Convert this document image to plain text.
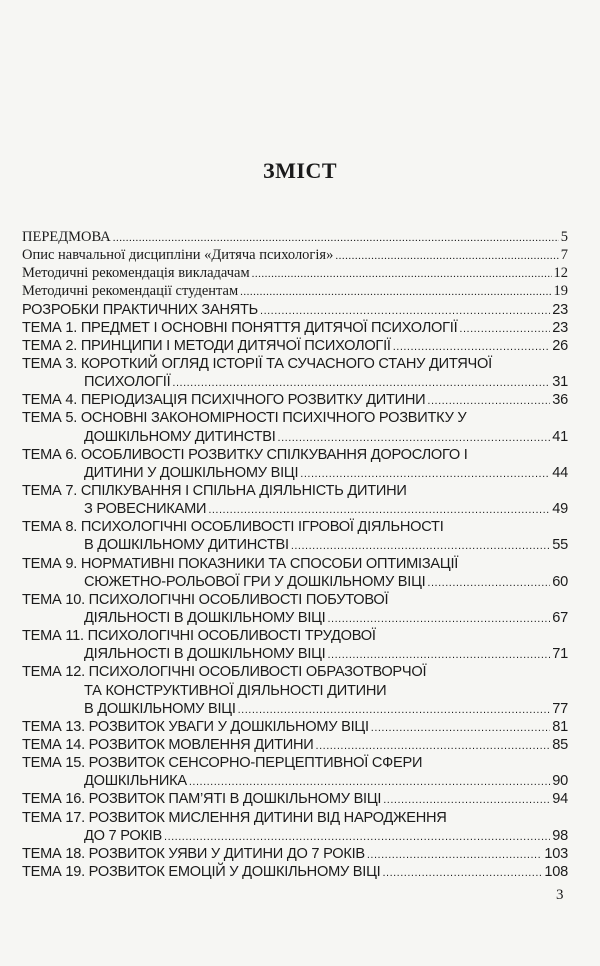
ЗМІСТ
ПЕРЕДМОВА .....	5
Опис навчальної дисципліни «Дитяча психологія» .....	7
Методичні рекомендація викладачам .....	12
Методичні рекомендації студентам .....	19
РОЗРОБКИ ПРАКТИЧНИХ ЗАНЯТЬ .....	23
ТЕМА 1. ПРЕДМЕТ І ОСНОВНІ ПОНЯТТЯ ДИТЯЧОЇ ПСИХОЛОГІЇ .....	23
ТЕМА 2. ПРИНЦИПИ І МЕТОДИ ДИТЯЧОЇ ПСИХОЛОГІЇ .....	26
ТЕМА 3. КОРОТКИЙ ОГЛЯД ІСТОРІЇ ТА СУЧАСНОГО СТАНУ ДИТЯЧОЇ
ПСИХОЛОГІЇ .....	31
ТЕМА 4. ПЕРІОДИЗАЦІЯ ПСИХІЧНОГО РОЗВИТКУ ДИТИНИ .....	36
ТЕМА 5. ОСНОВНІ ЗАКОНОМІРНОСТІ ПСИХІЧНОГО РОЗВИТКУ У
ДОШКІЛЬНОМУ ДИТИНСТВІ .....	41
ТЕМА 6. ОСОБЛИВОСТІ РОЗВИТКУ СПІЛКУВАННЯ ДОРОСЛОГО І
ДИТИНИ У ДОШКІЛЬНОМУ ВІЦІ .....	44
ТЕМА 7. СПІЛКУВАННЯ І СПІЛЬНА ДІЯЛЬНІСТЬ ДИТИНИ
З РОВЕСНИКАМИ .....	49
ТЕМА 8. ПСИХОЛОГІЧНІ ОСОБЛИВОСТІ ІГРОВОЇ ДІЯЛЬНОСТІ
В ДОШКІЛЬНОМУ ДИТИНСТВІ .....	55
ТЕМА 9. НОРМАТИВНІ ПОКАЗНИКИ ТА СПОСОБИ ОПТИМІЗАЦІЇ
СЮЖЕТНО-РОЛЬОВОЇ ГРИ У ДОШКІЛЬНОМУ ВІЦІ .....	60
ТЕМА 10. ПСИХОЛОГІЧНІ ОСОБЛИВОСТІ ПОБУТОВОЇ
ДІЯЛЬНОСТІ В ДОШКІЛЬНОМУ ВІЦІ .....	67
ТЕМА 11. ПСИХОЛОГІЧНІ ОСОБЛИВОСТІ ТРУДОВОЇ
ДІЯЛЬНОСТІ В ДОШКІЛЬНОМУ ВІЦІ .....	71
ТЕМА 12. ПСИХОЛОГІЧНІ ОСОБЛИВОСТІ ОБРАЗОТВОРЧОЇ
ТА КОНСТРУКТИВНОЇ ДІЯЛЬНОСТІ ДИТИНИ
В ДОШКІЛЬНОМУ ВІЦІ .....	77
ТЕМА 13. РОЗВИТОК УВАГИ У ДОШКІЛЬНОМУ ВІЦІ .....	81
ТЕМА 14. РОЗВИТОК МОВЛЕННЯ ДИТИНИ .....	85
ТЕМА 15. РОЗВИТОК СЕНСОРНО-ПЕРЦЕПТИВНОЇ СФЕРИ
ДОШКІЛЬНИКА .....	90
ТЕМА 16. РОЗВИТОК ПАМ’ЯТІ В ДОШКІЛЬНОМУ ВІЦІ .....	94
ТЕМА 17. РОЗВИТОК МИСЛЕННЯ ДИТИНИ ВІД НАРОДЖЕННЯ
ДО 7 РОКІВ .....	98
ТЕМА 18. РОЗВИТОК УЯВИ У ДИТИНИ ДО 7 РОКІВ .....	103
ТЕМА 19. РОЗВИТОК ЕМОЦІЙ У ДОШКІЛЬНОМУ ВІЦІ .....	108
3
